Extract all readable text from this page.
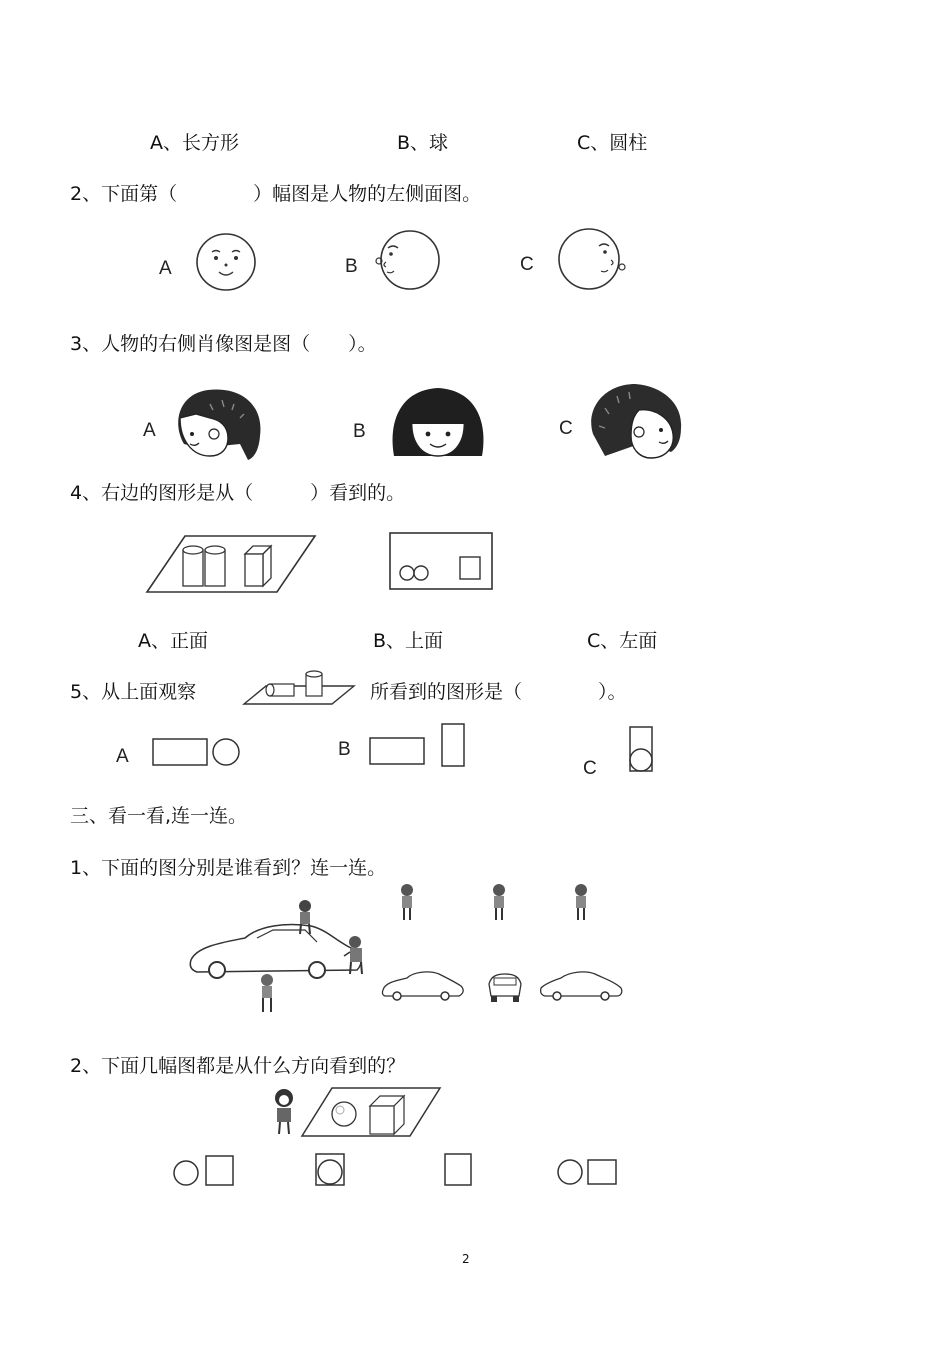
A、长方形	B、球	C、圆柱
2、下面第（　　　　）幅图是人物的左侧面图。
A	B	C
3、人物的右侧肖像图是图（　　）。
A	B	C
4、右边的图形是从（　　　）看到的。
A、正面	B、上面	C、左面
5、从上面观察	所看到的图形是（　　　　）。
A	B
C
三、看一看,连一连。
1、下面的图分别是谁看到？连一连。
2、下面几幅图都是从什么方向看到的？
2
